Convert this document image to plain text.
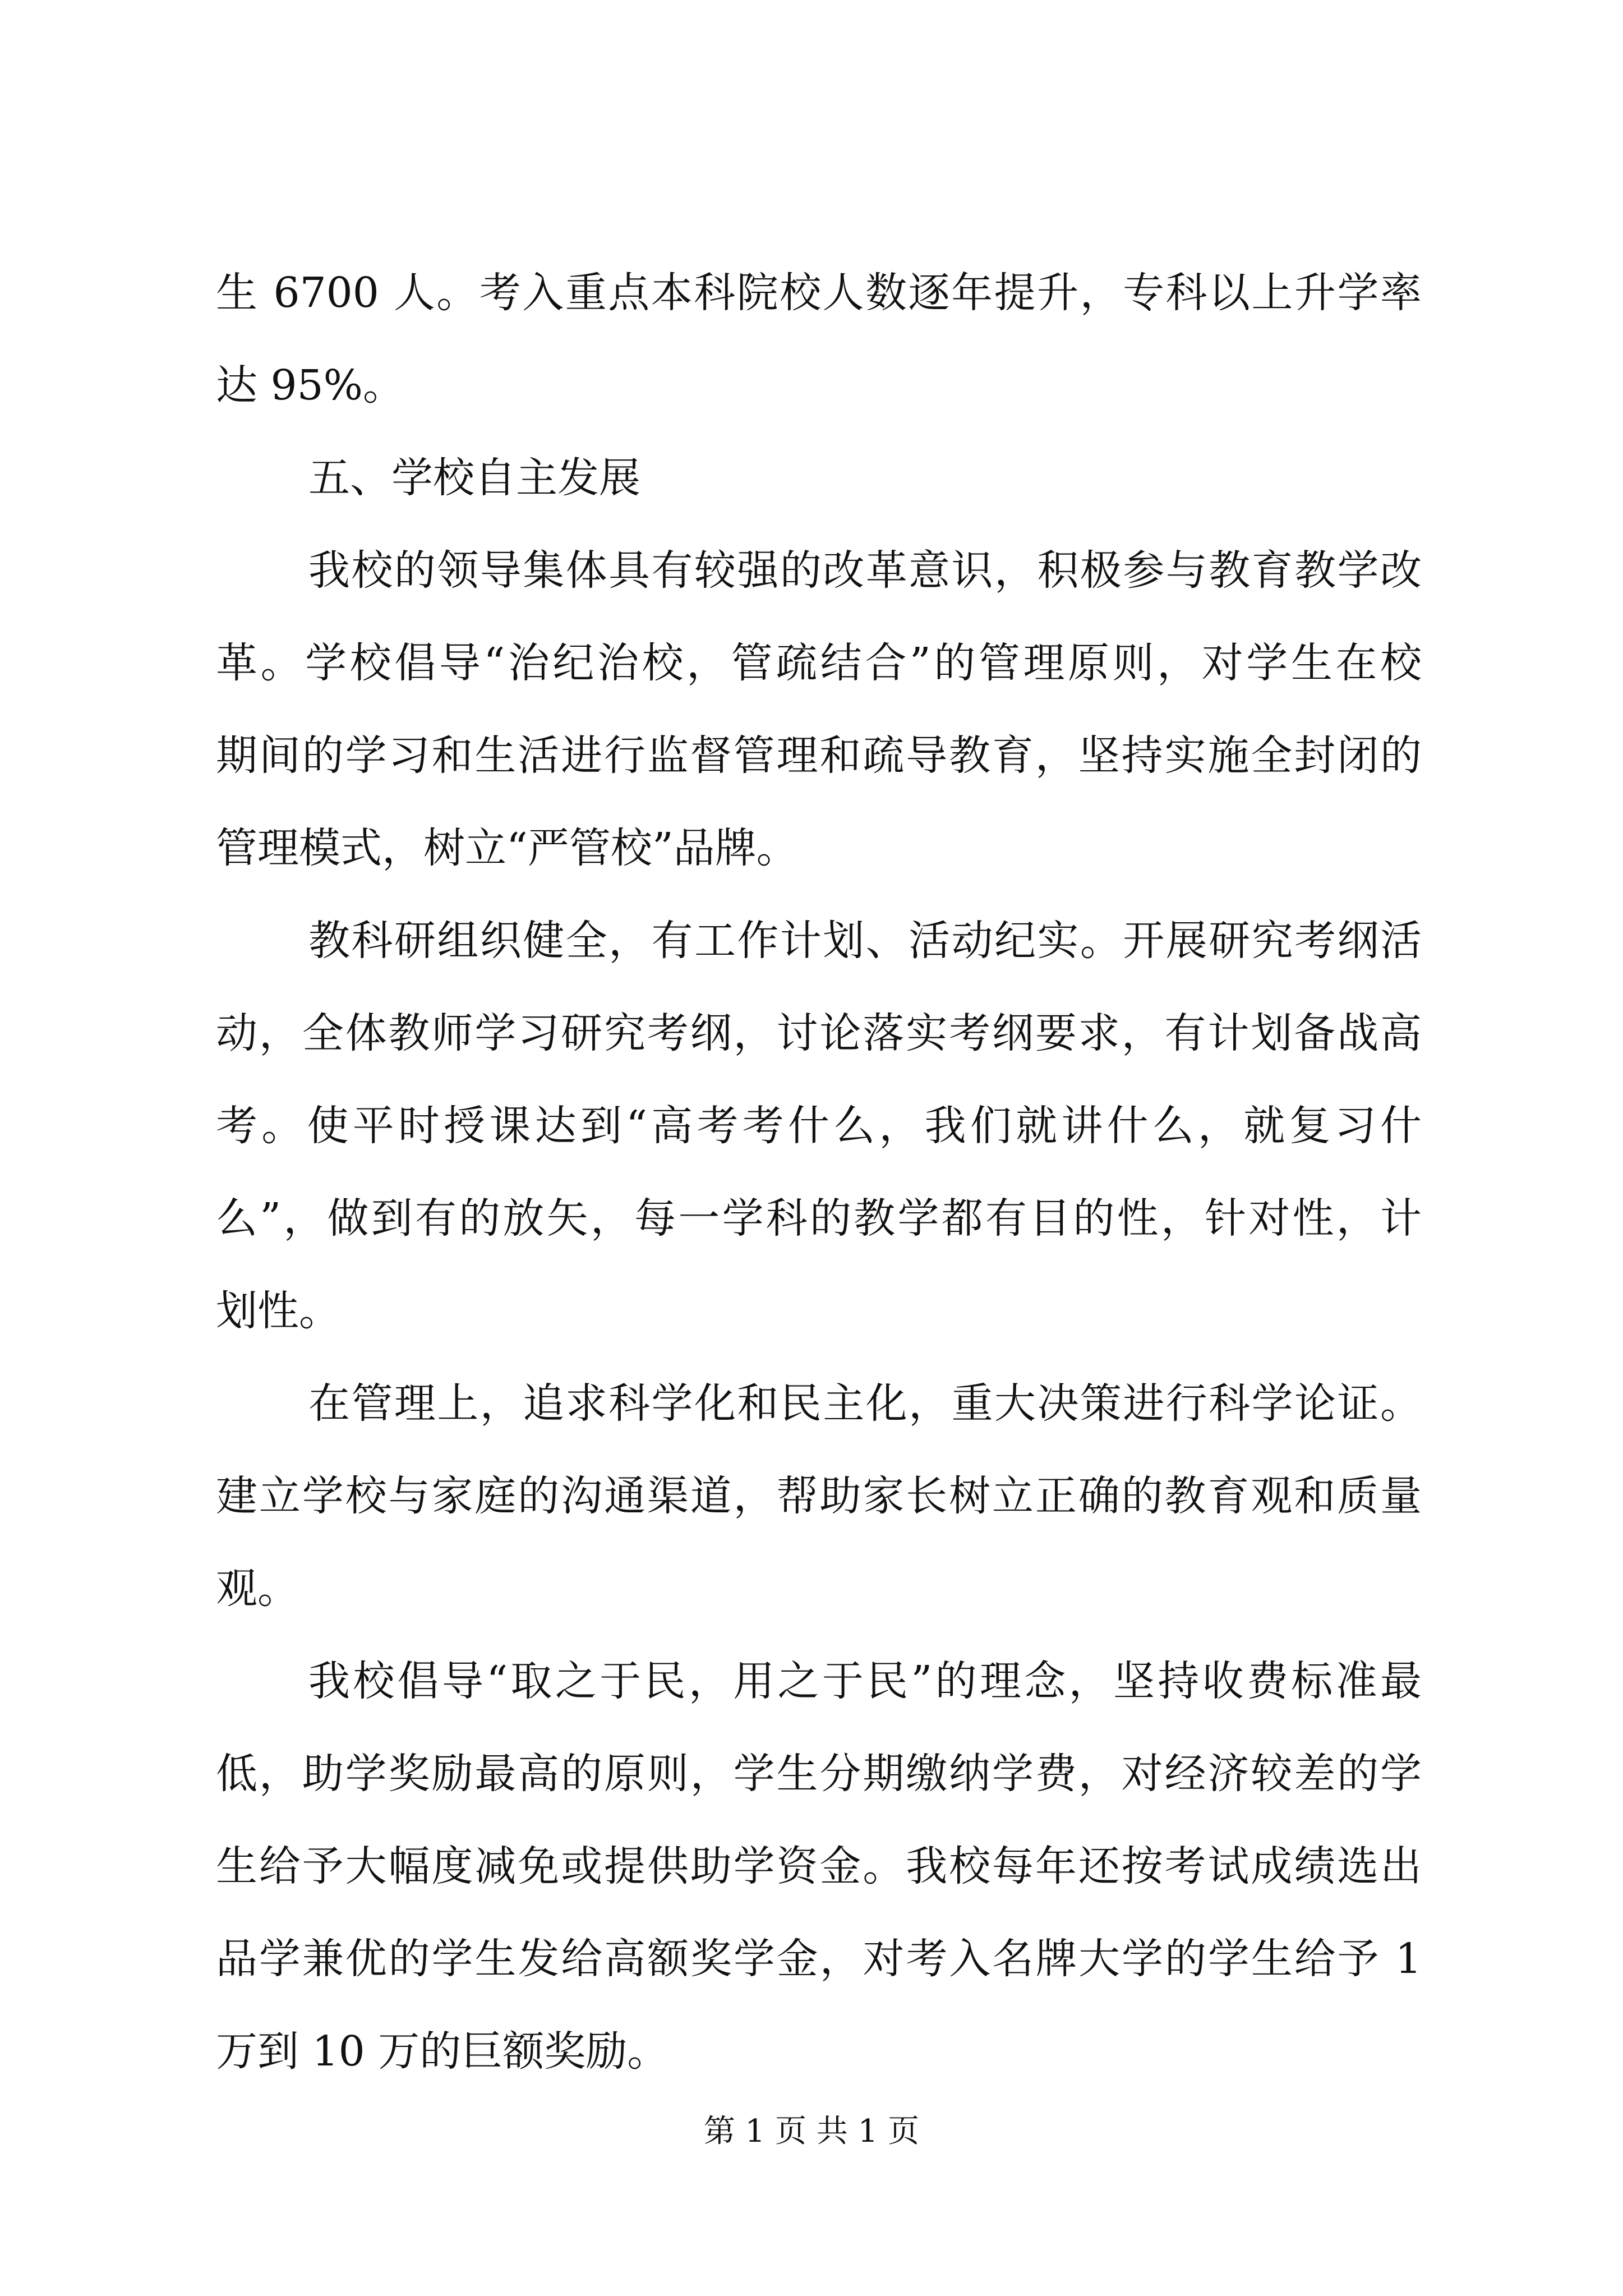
生 6700 人。考入重点本科院校人数逐年提升，专科以上升学率
达 95%。
五、学校自主发展
我校的领导集体具有较强的改革意识，积极参与教育教学改
革。学校倡导“治纪治校，管疏结合”的管理原则，对学生在校
期间的学习和生活进行监督管理和疏导教育，坚持实施全封闭的
管理模式，树立“严管校”品牌。
教科研组织健全，有工作计划、活动纪实。开展研究考纲活
动，全体教师学习研究考纲，讨论落实考纲要求，有计划备战高
考。使平时授课达到“高考考什么，我们就讲什么，就复习什
么”，做到有的放矢，每一学科的教学都有目的性，针对性，计
划性。
在管理上，追求科学化和民主化，重大决策进行科学论证。
建立学校与家庭的沟通渠道，帮助家长树立正确的教育观和质量
观。
我校倡导“取之于民，用之于民”的理念，坚持收费标准最
低，助学奖励最高的原则，学生分期缴纳学费，对经济较差的学
生给予大幅度减免或提供助学资金。我校每年还按考试成绩选出
品学兼优的学生发给高额奖学金，对考入名牌大学的学生给予 1
万到 10 万的巨额奖励。
第 1 页 共 1 页
